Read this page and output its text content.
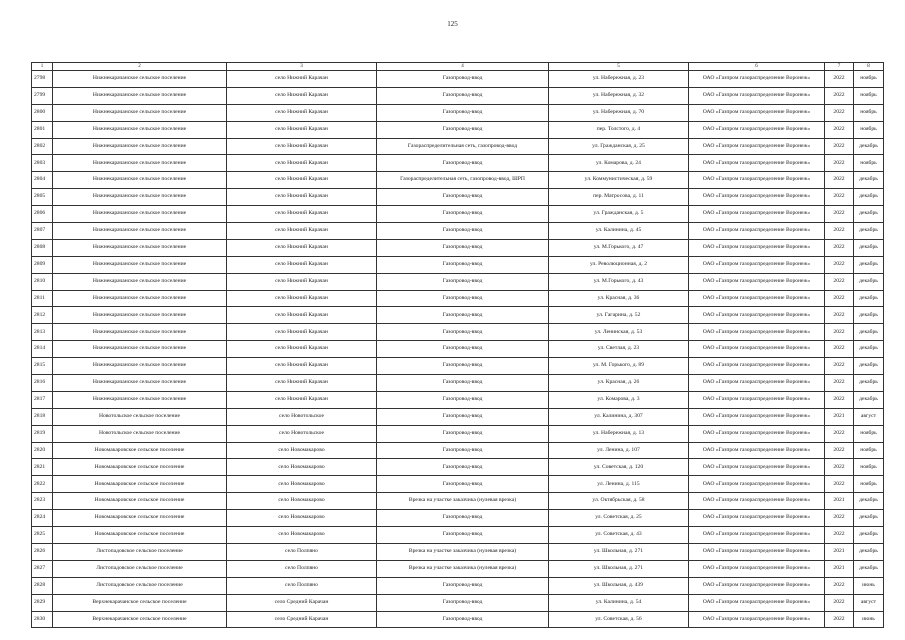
125
1	2	3	4	5	6	7	8
2798	Нижнекарачанское сельское поселение	село Нижний Карачан	Газопровод-ввод	ул. Набережная, д. 23	ОАО «Газпром газораспределение Воронеж»	2022	ноябрь
2799	Нижнекарачанское сельское поселение	село Нижний Карачан	Газопровод-ввод	ул. Набережная, д. 32	ОАО «Газпром газораспределение Воронеж»	2022	ноябрь
2800	Нижнекарачанское сельское поселение	село Нижний Карачан	Газопровод-ввод	ул. Набережная, д. 70	ОАО «Газпром газораспределение Воронеж»	2022	ноябрь
2801	Нижнекарачанское сельское поселение	село Нижний Карачан	Газопровод-ввод	пер. Толстого, д. 4	ОАО «Газпром газораспределение Воронеж»	2022	ноябрь
2802	Нижнекарачанское сельское поселение	село Нижний Карачан	Газораспределительная сеть, газопровод-ввод	ул. Гражданская, д. 25	ОАО «Газпром газораспределение Воронеж»	2022	декабрь
2803	Нижнекарачанское сельское поселение	село Нижний Карачан	Газопровод-ввод	ул. Комарова, д. 24	ОАО «Газпром газораспределение Воронеж»	2022	ноябрь
2804	Нижнекарачанское сельское поселение	село Нижний Карачан	Газораспределительная сеть, газопровод-ввод, ШРП	ул. Коммунистическая, д. 59	ОАО «Газпром газораспределение Воронеж»	2022	декабрь
2805	Нижнекарачанское сельское поселение	село Нижний Карачан	Газопровод-ввод	пер. Матросова, д. 11	ОАО «Газпром газораспределение Воронеж»	2022	декабрь
2806	Нижнекарачанское сельское поселение	село Нижний Карачан	Газопровод-ввод	ул. Гражданская, д. 5	ОАО «Газпром газораспределение Воронеж»	2022	декабрь
2807	Нижнекарачанское сельское поселение	село Нижний Карачан	Газопровод-ввод	ул. Калинина, д. 45	ОАО «Газпром газораспределение Воронеж»	2022	декабрь
2808	Нижнекарачанское сельское поселение	село Нижний Карачан	Газопровод-ввод	ул. М.Горького, д. 47	ОАО «Газпром газораспределение Воронеж»	2022	декабрь
2809	Нижнекарачанское сельское поселение	село Нижний Карачан	Газопровод-ввод	ул. Революционная, д. 2	ОАО «Газпром газораспределение Воронеж»	2022	декабрь
2810	Нижнекарачанское сельское поселение	село Нижний Карачан	Газопровод-ввод	ул. М.Горького, д. 43	ОАО «Газпром газораспределение Воронеж»	2022	декабрь
2811	Нижнекарачанское сельское поселение	село Нижний Карачан	Газопровод-ввод	ул. Красная, д. 36	ОАО «Газпром газораспределение Воронеж»	2022	декабрь
2812	Нижнекарачанское сельское поселение	село Нижний Карачан	Газопровод-ввод	ул. Гагарина, д. 52	ОАО «Газпром газораспределение Воронеж»	2022	декабрь
2813	Нижнекарачанское сельское поселение	село Нижний Карачан	Газопровод-ввод	ул. Ленинская, д. 53	ОАО «Газпром газораспределение Воронеж»	2022	декабрь
2814	Нижнекарачанское сельское поселение	село Нижний Карачан	Газопровод-ввод	ул. Светлая, д. 23	ОАО «Газпром газораспределение Воронеж»	2022	декабрь
2815	Нижнекарачанское сельское поселение	село Нижний Карачан	Газопровод-ввод	ул. М. Горького, д. 89	ОАО «Газпром газораспределение Воронеж»	2022	декабрь
2816	Нижнекарачанское сельское поселение	село Нижний Карачан	Газопровод-ввод	ул. Красная, д. 26	ОАО «Газпром газораспределение Воронеж»	2022	декабрь
2817	Нижнекарачанское сельское поселение	село Нижний Карачан	Газопровод-ввод	ул. Комарова, д. 3	ОАО «Газпром газораспределение Воронеж»	2022	декабрь
2818	Новотольское сельское поселение	село Новотольское	Газопровод-ввод	ул. Калинина, д. 307	ОАО «Газпром газораспределение Воронеж»	2021	август
2819	Новотольское сельское поселение	село Новотольское	Газопровод-ввод	ул. Набережная, д. 13	ОАО «Газпром газораспределение Воронеж»	2022	ноябрь
2820	Новомакаровское сельское поселение	село Новомакарово	Газопровод-ввод	ул. Ленина, д. 107	ОАО «Газпром газораспределение Воронеж»	2022	ноябрь
2821	Новомакаровское сельское поселение	село Новомакарово	Газопровод-ввод	ул. Советская, д. 120	ОАО «Газпром газораспределение Воронеж»	2022	ноябрь
2822	Новомакаровское сельское поселение	село Новомакарово	Газопровод-ввод	ул. Ленина, д. 115	ОАО «Газпром газораспределение Воронеж»	2022	ноябрь
2823	Новомакаровское сельское поселение	село Новомакарово	Врезка на участке заказчика (нулевая врезка)	ул. Октябрьская, д. 58	ОАО «Газпром газораспределение Воронеж»	2021	декабрь
2824	Новомакаровское сельское поселение	село Новомакарово	Газопровод-ввод	ул. Советская, д. 25	ОАО «Газпром газораспределение Воронеж»	2022	декабрь
2825	Новомакаровское сельское поселение	село Новомакарово	Газопровод-ввод	ул. Советская, д. 43	ОАО «Газпром газораспределение Воронеж»	2022	декабрь
2826	Листопадовское сельское поселение	село Полпяно	Врезка на участке заказчика (нулевая врезка)	ул. Школьная, д. 271	ОАО «Газпром газораспределение Воронеж»	2021	декабрь
2827	Листопадовское сельское поселение	село Полпяно	Врезка на участке заказчика (нулевая врезка)	ул. Школьная, д. 271	ОАО «Газпром газораспределение Воронеж»	2021	декабрь
2828	Листопадовское сельское поселение	село Полпяно	Газопровод-ввод	ул. Школьная, д. 439	ОАО «Газпром газораспределение Воронеж»	2022	июнь
2829	Верхнекарачанское сельское поселение	село Средний Карачан	Газопровод-ввод	ул. Калинина, д. 54	ОАО «Газпром газораспределение Воронеж»	2022	август
2830	Верхнекарачанское сельское поселение	село Средний Карачан	Газопровод-ввод	ул. Советская, д. 56	ОАО «Газпром газораспределение Воронеж»	2022	июнь
